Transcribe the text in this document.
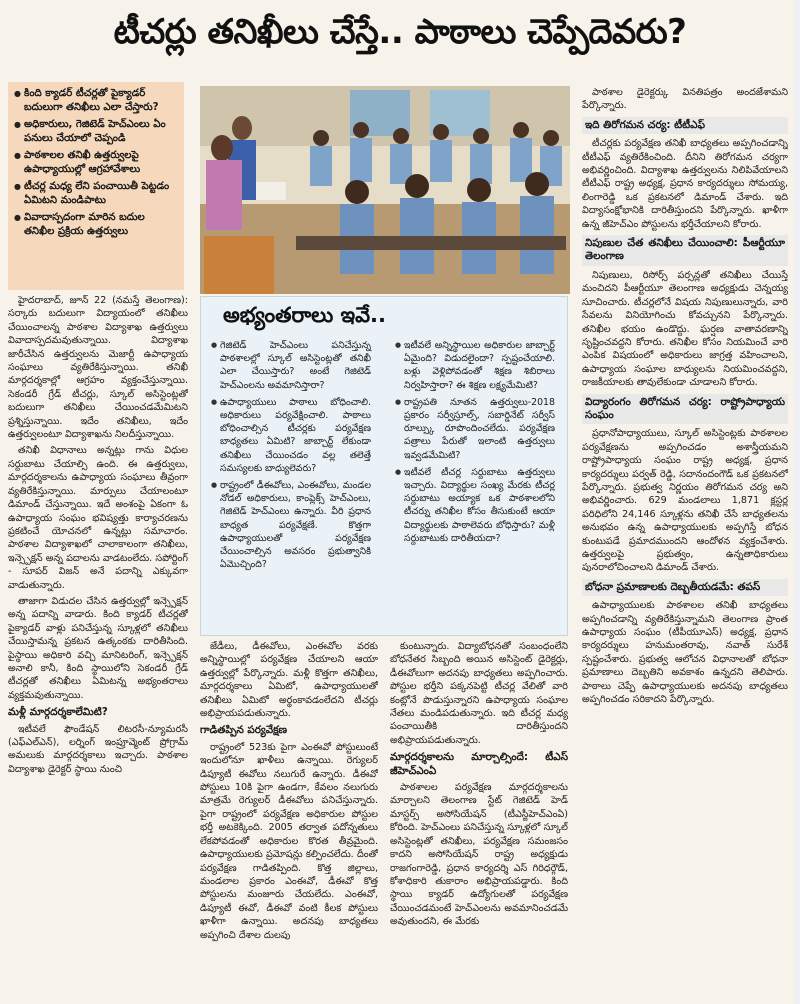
టీచర్లు తనిఖీలు చేస్తే.. పాఠాలు చెప్పేదెవరు?
● కింది క్యాడర్ టీచర్లతో పైక్యాడర్ బదులుగా తనిఖీలు ఎలా చేస్తారు?
● అధికారులు, గెజిటెడ్ హెచ్ఎంలు ఏం పనులు చేయాలో చెప్పండి
● పాఠశాలల తనిఖీ ఉత్తర్వులపై ఉపాధ్యాయుల్లో ఆగ్రహావేశాలు
● టీచర్ల మధ్య లేని పంచాయితీ పెట్టడం ఏమిటని మండిపాటు
● వివాదాస్పదంగా మారిన బదుల తనిఖీల ప్రక్రియ ఉత్తర్వులు
అభ్యంతరాలు ఇవే..
● గెజిటెడ్ హెచ్ఎంలు పనిచేస్తున్న పాఠశాలల్లో స్కూల్ అసిస్టెంట్లతో తనిఖీ ఎలా చేయిస్తారు? అంటే గెజిటెడ్ హెచ్ఎంలను అవమానిస్తారా?
● ఉపాధ్యాయులు పాఠాలు బోధించాలి. అధికారులు పర్యవేక్షించాలి. పాఠాలు బోధించాల్సిన టీచర్లకు పర్యవేక్షణ బాధ్యతలు ఏమిటి? జాబ్చార్ట్ లేకుండా తనిఖీలు చేయించడం వల్ల తలెత్తే సమస్యలకు బాధ్యులెవరు?
● రాష్ట్రంలో డీఈవోలు, ఎంఈవోలు, మండల నోడల్ అధికారులు, కాంప్లెక్స్ హెచ్ఎంలు, గెజిటెడ్ హెచ్ఎంలు ఉన్నారు. వీరి ప్రధాన బాధ్యత పర్యవేక్షణే. కొత్తగా ఉపాధ్యాయులతో పర్యవేక్షణ చేయించాల్సిన అవసరం ప్రభుత్వానికి ఏమొచ్చింది?
● ఇటీవలే అన్నిస్థాయిల అధికారుల జాబ్చార్ట్ ఏమైంది? విడుదలైందా? స్పష్టంచేయాలి. బళ్లు వెళ్లిపోవడంతో శిక్షణ శిబిరాలు నిర్వహిస్తారా? ఈ శిక్షణ లక్ష్యమేమిటి?
● రాష్ట్రపతి నూతన ఉత్తర్వులు-2018 ప్రకారం సర్వీస్రూల్స్, సబార్డినేట్ సర్వీస్ రూల్స్కు రూపొందించలేదు. పర్యవేక్షణ పత్రాలు పేరుతో ఇలాంటి ఉత్తర్వులు ఇవ్వడమేమిటి?
● ఇటీవలే టీచర్ల సర్దుబాటు ఉత్తర్వులు ఇచ్చారు. విద్యార్థుల సంఖ్య మేరకు టీచర్ల సర్దుబాటు అయ్యాక ఒక పాఠశాలలోని టీచర్ను తనిఖీల కోసం తీసుకుంటే ఆయా విద్యార్థులకు పాఠాలెవరు బోధిస్తారు? మళ్లీ సర్దుబాటుకు దారితీయదా?

హైదరాబాద్, జూన్ 22 (నమస్తే తెలంగాణ): సర్కారు బదులుగా విద్యాయంలో తనిఖీలు చేయించాలన్న పాఠశాల విద్యాశాఖ ఉత్తర్వులు వివాదాస్పదమవుతున్నాయి. విద్యాశాఖ జారీచేసిన ఉత్తర్వులను మెజార్టీ ఉపాధ్యాయ సంఘాలు వ్యతిరేకిస్తున్నాయి. తనిఖీ మార్గదర్శకాల్లో ఆగ్రహం వ్యక్తంచేస్తున్నాయి. సెకండరీ గ్రేడ్ టీచర్లు, స్కూల్ అసిస్టెంట్లతో బదులుగా తనిఖీలు చేయించడమేమిటని ప్రశ్నిస్తున్నాయి. ఇదేం తనిఖీలు, ఇదేం ఉత్తర్వులంటూ విద్యాశాఖను నిలదీస్తున్నాయి.

తనిఖీ విధానాలు అన్నట్లు గాను విధుల సర్దుబాటు చేయాల్సి ఉంది. ఈ ఉత్తర్వులు, మార్గదర్శకాలను ఉపాధ్యాయ సంఘాలు తీవ్రంగా వ్యతిరేకిస్తున్నాయి. మార్పులు చేయాలంటూ డిమాండ్ చేస్తున్నాయి. ఇదే అంశంపై ఏకంగా ఓ ఉపాధ్యాయ సంఘం భవిష్యత్తు కార్యాచరణను ప్రకటించే యోచనలో ఉన్నట్లు సమాచారం. పాఠశాల విద్యాశాఖలో చాలాకాలంగా తనిఖీలు, ఇన్స్పెక్షన్ అన్న పదాలను వాడటంలేదు. సపోర్టింగ్ - సూపర్ విజన్ అనే పదాన్ని ఎక్కువగా వాడుతున్నారు.

తాజాగా విడుదల చేసిన ఉత్తర్వుల్లో ఇన్స్పెక్షన్ అన్న పదాన్ని వాడారు. కింది క్యాడర్ టీచర్లతో పైక్యాడర్ వాళ్లు పనిచేస్తున్న స్కూళ్లలో తనిఖీలు చేయిస్తామన్న ప్రకటన ఉత్కంఠకు దారితీసింది. పైస్థాయి అధికారి వచ్చి మానిటరింగ్, ఇన్స్పెక్షన్ అనాలి కానీ, కింది స్థాయిలోని సెకండరీ గ్రేడ్ టీచర్లతో తనిఖీలు ఏమిటన్న అభ్యంతరాలు వ్యక్తమవుతున్నాయి.

మళ్లీ మార్గదర్శకాలేమిటి?

ఇటీవలే ఫౌండేషన్ లిటరసీ-న్యూమరసీ (ఎఫ్ఎల్ఎన్), లర్నింగ్ ఇంప్రూవ్మెంట్ ప్రోగ్రామ్ అమలుకు మార్గదర్శకాలు ఇచ్చారు. పాఠశాల విద్యాశాఖ డైరెక్టర్ స్థాయి నుంచి

జేడీలు, డీఈవోలు, ఎంఈవోల వరకు అన్నిస్థాయిల్లో పర్యవేక్షణ చేయాలని ఆయా ఉత్తర్వుల్లో పేర్కొన్నారు. మళ్లీ కొత్తగా తనిఖీలు, మార్గదర్శకాలు ఏమిటో, ఉపాధ్యాయులతో తనిఖీలు ఏమిటో అర్థంకావడంలేదని టీచర్లు అభిప్రాయపడుతున్నారు.

గాడితప్పిన పర్యవేక్షణ

రాష్ట్రంలో 523కు పైగా ఎంఈవో పోస్టులుంటే ఇందులోనూ ఖాళీలు ఉన్నాయి. రెగ్యులర్ డిప్యూటీ ఈవోలు నలుగురే ఉన్నారు. డీఈవో పోస్టులు 10కి పైగా ఉండగా, కేవలం నలుగురు మాత్రమే రెగ్యులర్ డీఈవోలు పనిచేస్తున్నారు. పైగా రాష్ట్రంలో పర్యవేక్షణ అధికారుల పోస్టుల భర్తీ అటకెక్కింది. 2005 తర్వాత పదోన్నతులు లేకపోవడంతో అధికారుల కొరత తీవ్రమైంది. ఉపాధ్యాయులకు ప్రమోషన్లు కల్పించలేదు. దీంతో పర్యవేక్షణ గాడితప్పింది. కొత్త జిల్లాలు, మండలాల ప్రకారం ఎంఈవో, డీఈవో కొత్త పోస్టులను మంజూరు చేయలేదు. ఎంఈవో, డిప్యూటీ ఈవో, డీఈవో వంటి కీలక పోస్టులు ఖాళీగా ఉన్నాయి. అదనపు బాధ్యతలు అప్పగించి దేశాల దులపు

కుంటున్నారు. విద్యాబోధనతో సంబంధంలేని బోధనేతర సిబ్బంది అయిన అసిస్టెంట్ డైరెక్టర్లు, డీఈవోలుగా అదనపు బాధ్యతలు అప్పగించారు. పోస్టుల భర్తీని పక్కనపెట్టి టీచర్ల వేలితో వారి కంట్లోనే పొడుస్తున్నారని ఉపాధ్యాయ సంఘాల నేతలు మండిపడుతున్నారు. ఇది టీచర్ల మధ్య పంచాయితీకి దారితీస్తుందని అభిప్రాయపడుతున్నారు.

మార్గదర్శకాలను మార్చాల్సిందే: టీఎస్ జీహెచ్ఎంఏ

పాఠశాలల పర్యవేక్షణ మార్గదర్శకాలను మార్చాలని తెలంగాణ స్టేట్ గెజిటెడ్ హెడ్ మాస్టర్స్ అసోసియేషన్ (టీఎస్జీహెచ్ఎంఏ) కోరింది. హెచ్ఎంలు పనిచేస్తున్న స్కూళ్లలో స్కూల్ అసిస్టెంట్లతో తనిఖీలు, పర్యవేక్షణ సమంజసం కాదని అసోసియేషన్ రాష్ట్ర అధ్యక్షుడు రాజగంగారెడ్డి, ప్రధాన కార్యదర్శి ఎస్ గిరిధర్గౌడ్, కోశాధికారి తుకారాం అభిప్రాయపడ్డారు. కింది స్థాయి క్యాడర్ ఉద్యోగులతో పర్యవేక్షణ చేయించడమంటే హెచ్ఎంలను అవమానించడమే అవుతుందని, ఈ మేరకు

పాఠశాల డైరెక్టర్కు వినతిపత్రం అందజేశామని పేర్కొన్నారు.

ఇది తిరోగమన చర్య: టీటీఎఫ్

టీచర్లకు పర్యవేక్షణ తనిఖీ బాధ్యతలు అప్పగించడాన్ని టీటీఎఫ్ వ్యతిరేకించింది. దీనిని తిరోగమన చర్యగా అభివర్ణించింది. విద్యాశాఖ ఉత్తర్వులను నిలిపివేయాలని టీటీఎఫ్ రాష్ట్ర అధ్యక్ష, ప్రధాన కార్యదర్శులు సోమయ్య, లింగారెడ్డి ఒక ప్రకటనలో డిమాండ్ చేశారు. ఇది విద్యాసంక్షోభానికి దారితీస్తుందని పేర్కొన్నారు. ఖాళీగా ఉన్న జీహెచ్ఎం పోస్టులను భర్తీచేయాలని కోరారు.

నిపుణుల చేత తనిఖీలు చేయించాలి: పీఆర్టీయూ తెలంగాణ

నిపుణులు, రిసోర్స్ పర్సన్లతో తనిఖీలు చేయిస్తే మంచిదని పీఆర్టీయూ తెలంగాణ అధ్యక్షుడు చెన్నయ్య సూచించారు. టీచర్లలోనే విషయ నిపుణులున్నారు, వారి సేవలను వినియోగించు కోవచ్చునని పేర్కొన్నారు. తనిఖీల భయం ఉండొద్దు. ఘర్షణ వాతావరణాన్ని సృష్టించవద్దని కోరారు. తనిఖీల కోసం నియమించే వారి ఎంపిక విషయంలో అధికారులు జాగ్రత్త వహించాలని, ఉపాధ్యాయ సంఘాల బాధ్యులను నియమించవద్దని, రాజకీయాలకు తావులేకుండా చూడాలని కోరారు.

విద్యారంగం తిరోగమన చర్య: రాష్ట్రోపాధ్యాయ సంఘం

ప్రధానోపాధ్యాయులు, స్కూల్ అసిస్టెంట్లకు పాఠశాలల పర్యవేక్షణను అప్పగించడం అశాస్త్రీయమని రాష్ట్రోపాధ్యాయ సంఘం రాష్ట్ర అధ్యక్ష, ప్రధాన కార్యదర్శులు పర్వత్ రెడ్డి, సదానందంగౌడ్ ఒక ప్రకటనలో పేర్కొన్నారు. ప్రభుత్వ నిర్ణయం తిరోగమన చర్య అని అభివర్ణించారు. 629 మండలాలు 1,871 క్లస్టర్ల పరిధిలోని 24,146 స్కూళ్లను తనిఖీ చేసే బాధ్యతలను అనుభవం ఉన్న ఉపాధ్యాయులకు అప్పగిస్తే బోధన కుంటుపడే ప్రమాదముందని ఆందోళన వ్యక్తంచేశారు. ఉత్తర్వులపై ప్రభుత్వం, ఉన్నతాధికారులు పునరాలోచించాలని డిమాండ్ చేశారు.

బోధనా ప్రమాణాలకు దెబ్బతీయడమే: తపస్

ఉపాధ్యాయులకు పాఠశాలల తనిఖీ బాధ్యతలు అప్పగించడాన్ని వ్యతిరేకిస్తున్నామని తెలంగాణ ప్రాంత ఉపాధ్యాయ సంఘం (టీపీయూఎస్) అధ్యక్ష, ప్రధాన కార్యదర్శులు హనుమంతరావు, నవాత్ సురేశ్ స్పష్టంచేశారు. ప్రభుత్వ ఆలోచన విధానాలతో బోధనా ప్రమాణాలు దెబ్బతిని అవకాశం ఉన్నదని తెలిపారు. పాఠాలు చెప్పే ఉపాధ్యాయులకు అదనపు బాధ్యతలు అప్పగించడం సరికాదని పేర్కొన్నారు.
